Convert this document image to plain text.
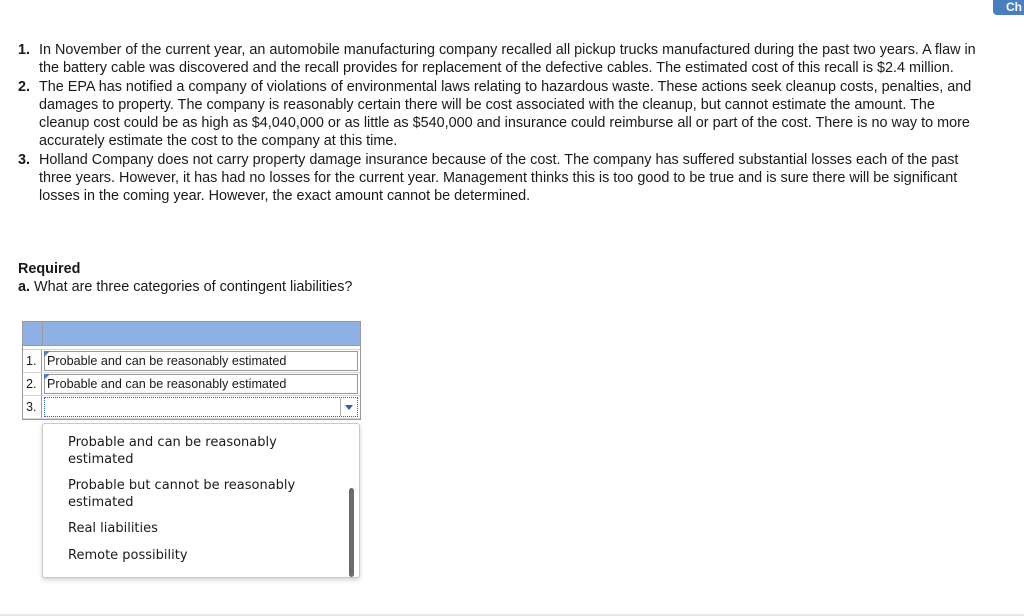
Ch
1. In November of the current year, an automobile manufacturing company recalled all pickup trucks manufactured during the past two years. A flaw in the battery cable was discovered and the recall provides for replacement of the defective cables. The estimated cost of this recall is $2.4 million.
2. The EPA has notified a company of violations of environmental laws relating to hazardous waste. These actions seek cleanup costs, penalties, and damages to property. The company is reasonably certain there will be cost associated with the cleanup, but cannot estimate the amount. The cleanup cost could be as high as $4,040,000 or as little as $540,000 and insurance could reimburse all or part of the cost. There is no way to more accurately estimate the cost to the company at this time.
3. Holland Company does not carry property damage insurance because of the cost. The company has suffered substantial losses each of the past three years. However, it has had no losses for the current year. Management thinks this is too good to be true and is sure there will be significant losses in the coming year. However, the exact amount cannot be determined.
Required
a. What are three categories of contingent liabilities?
1. Probable and can be reasonably estimated
2. Probable and can be reasonably estimated
3.
Probable and can be reasonably estimated
Probable but cannot be reasonably estimated
Real liabilities
Remote possibility
